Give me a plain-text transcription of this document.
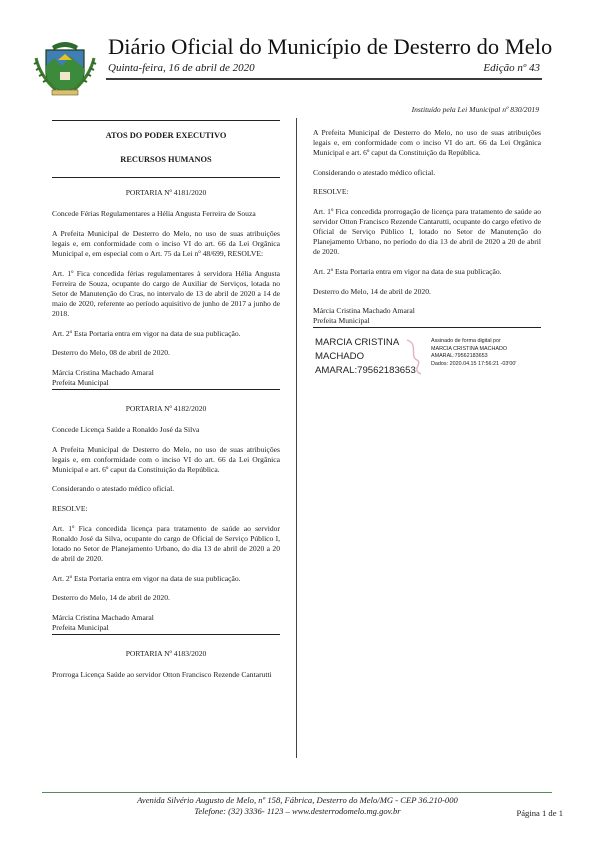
Diário Oficial do Município de Desterro do Melo
Quinta-feira, 16 de abril de 2020	Edição nº 43
Instituído pela Lei Municipal nº 830/2019

ATOS DO PODER EXECUTIVO

RECURSOS HUMANOS

PORTARIA Nº 4181/2020

Concede Férias Regulamentares a Hélia Angusta Ferreira de Souza

A Prefeita Municipal de Desterro do Melo, no uso de suas atribuições legais e, em conformidade com o inciso VI do art. 66 da Lei Orgânica Municipal e, em especial com o Art. 75 da Lei nº 48/699, RESOLVE:

Art. 1º Fica concedida férias regulamentares à servidora Hélia Angusta Ferreira de Souza, ocupante do cargo de Auxiliar de Serviços, lotada no Setor de Manutenção do Cras, no intervalo de 13 de abril de 2020 a 14 de maio de 2020, referente ao período aquisitivo de junho de 2017 a junho de 2018.

Art. 2º Esta Portaria entra em vigor na data de sua publicação.

Desterro do Melo, 08 de abril de 2020.

Márcia Cristina Machado Amaral
Prefeita Municipal

PORTARIA Nº 4182/2020

Concede Licença Saúde a Ronaldo José da Silva

A Prefeita Municipal de Desterro do Melo, no uso de suas atribuições legais e, em conformidade com o inciso VI do art. 66 da Lei Orgânica Municipal e art. 6º caput da Constituição da República.

Considerando o atestado médico oficial.

RESOLVE:

Art. 1º Fica concedida licença para tratamento de saúde ao servidor Ronaldo José da Silva, ocupante do cargo de Oficial de Serviço Público I, lotado no Setor de Planejamento Urbano, do dia 13 de abril de 2020 a 20 de abril de 2020.

Art. 2º Esta Portaria entra em vigor na data de sua publicação.

Desterro do Melo, 14 de abril de 2020.

Márcia Cristina Machado Amaral
Prefeita Municipal

PORTARIA Nº 4183/2020

Prorroga Licença Saúde ao servidor Otton Francisco Rezende Cantarutti

A Prefeita Municipal de Desterro do Melo, no uso de suas atribuições legais e, em conformidade com o inciso VI do art. 66 da Lei Orgânica Municipal e art. 6º caput da Constituição da República.

Considerando o atestado médico oficial.

RESOLVE:

Art. 1º Fica concedida prorrogação de licença para tratamento de saúde ao servidor Otton Francisco Rezende Cantarutti, ocupante do cargo efetivo de Oficial de Serviço Público I, lotado no Setor de Manutenção do Planejamento Urbano, no período do dia 13 de abril de 2020 a 20 de abril de 2020.

Art. 2º Esta Portaria entra em vigor na data de sua publicação.

Desterro do Melo, 14 de abril de 2020.

Márcia Cristina Machado Amaral
Prefeita Municipal
MARCIA CRISTINA
MACHADO
AMARAL:79562183653
Assinado de forma digital por
MARCIA CRISTINA MACHADO
AMARAL:79562183653
Dados: 2020.04.15 17:56:21 -03'00'
Avenida Silvério Augusto de Melo, nº 158, Fábrica, Desterro do Melo/MG - CEP 36.210-000
Telefone: (32) 3336- 1123 – www.desterrodomelo.mg.gov.br	Página 1 de 1
